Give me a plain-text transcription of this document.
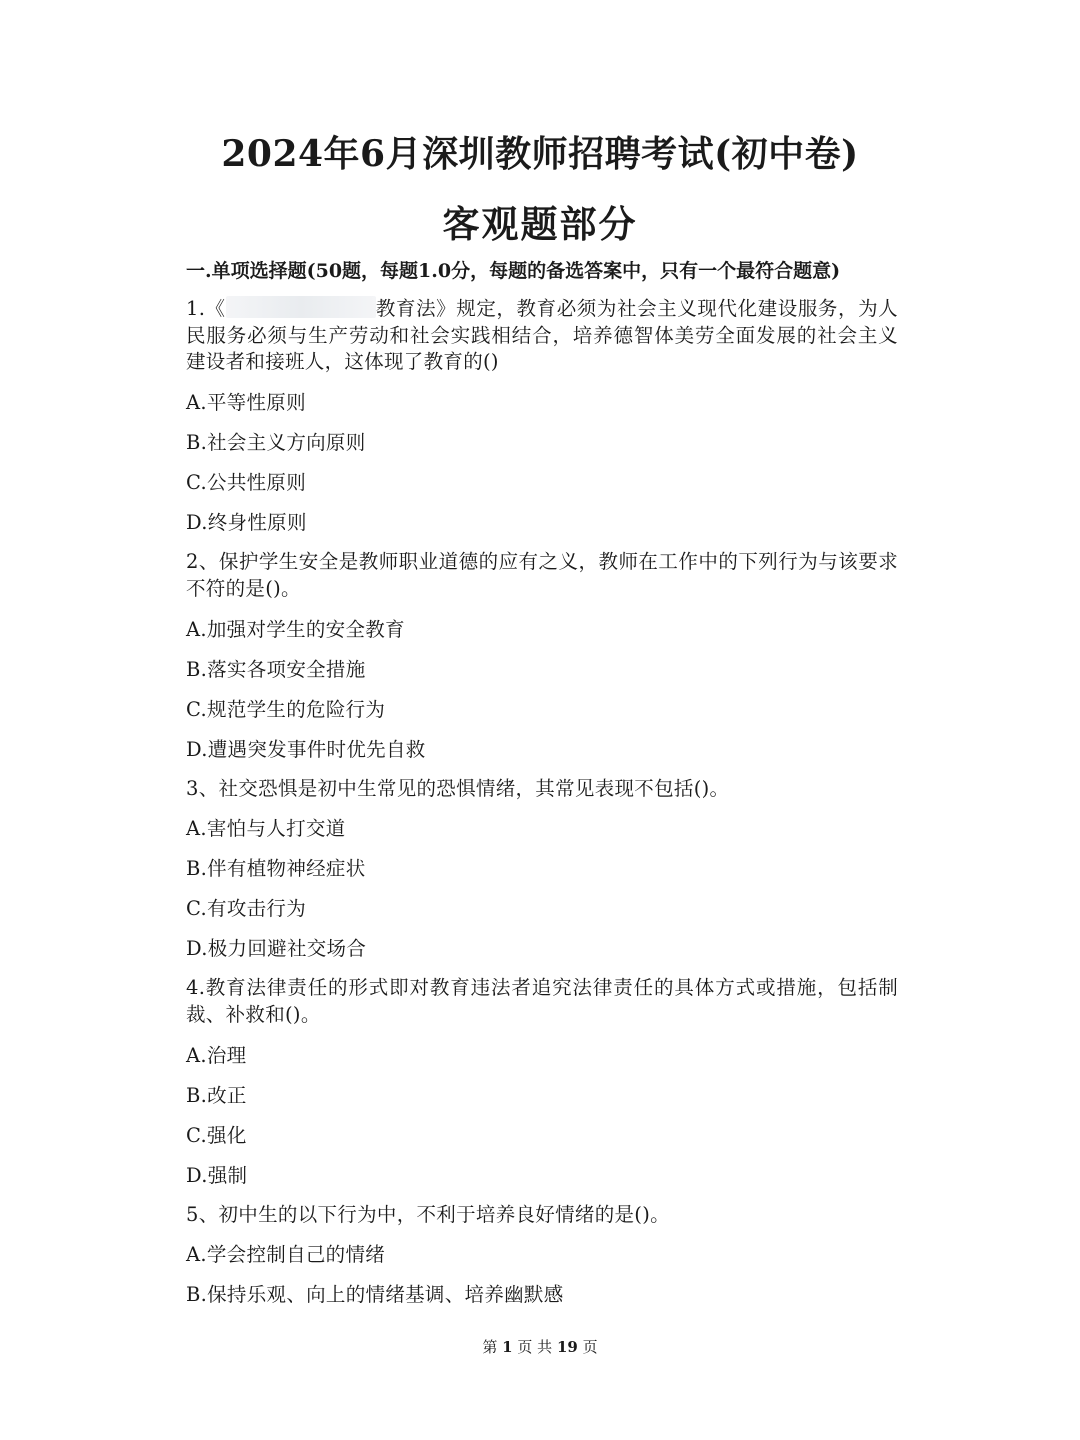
2024年6月深圳教师招聘考试(初中卷)
客观题部分

一.单项选择题(50题，每题1.0分，每题的备选答案中，只有一个最符合题意)

1.《	教育法》规定，教育必须为社会主义现代化建设服务，为人民服务必须与生产劳动和社会实践相结合，培养德智体美劳全面发展的社会主义建设者和接班人，这体现了教育的()

A.平等性原则
B.社会主义方向原则
C.公共性原则
D.终身性原则

2、保护学生安全是教师职业道德的应有之义，教师在工作中的下列行为与该要求不符的是()。

A.加强对学生的安全教育
B.落实各项安全措施
C.规范学生的危险行为
D.遭遇突发事件时优先自救

3、社交恐惧是初中生常见的恐惧情绪，其常见表现不包括()。

A.害怕与人打交道
B.伴有植物神经症状
C.有攻击行为
D.极力回避社交场合

4.教育法律责任的形式即对教育违法者追究法律责任的具体方式或措施，包括制裁、补救和()。

A.治理
B.改正
C.强化
D.强制

5、初中生的以下行为中，不利于培养良好情绪的是()。

A.学会控制自己的情绪
B.保持乐观、向上的情绪基调、培养幽默感
第 1 页 共 19 页
